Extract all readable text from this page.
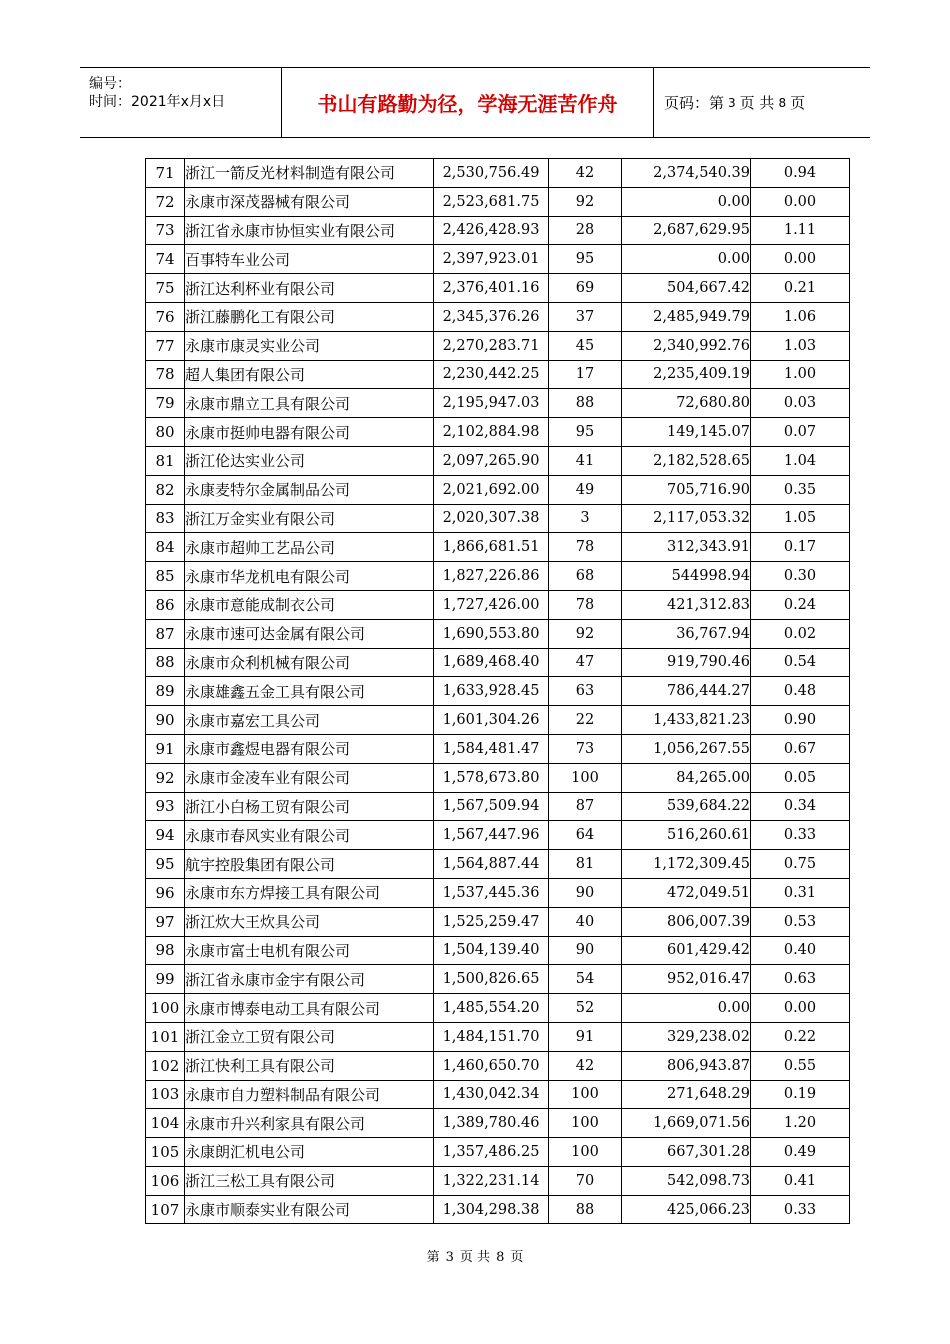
编号：
时间：2021年x月x日	书山有路勤为径，学海无涯苦作舟	页码：第 3 页 共 8 页
71	浙江一箭反光材料制造有限公司	2,530,756.49	42	2,374,540.39	0.94
72	永康市深茂器械有限公司	2,523,681.75	92	0.00	0.00
73	浙江省永康市协恒实业有限公司	2,426,428.93	28	2,687,629.95	1.11
74	百事特车业公司	2,397,923.01	95	0.00	0.00
75	浙江达利杯业有限公司	2,376,401.16	69	504,667.42	0.21
76	浙江藤鹏化工有限公司	2,345,376.26	37	2,485,949.79	1.06
77	永康市康灵实业公司	2,270,283.71	45	2,340,992.76	1.03
78	超人集团有限公司	2,230,442.25	17	2,235,409.19	1.00
79	永康市鼎立工具有限公司	2,195,947.03	88	72,680.80	0.03
80	永康市挺帅电器有限公司	2,102,884.98	95	149,145.07	0.07
81	浙江伦达实业公司	2,097,265.90	41	2,182,528.65	1.04
82	永康麦特尔金属制品公司	2,021,692.00	49	705,716.90	0.35
83	浙江万金实业有限公司	2,020,307.38	3	2,117,053.32	1.05
84	永康市超帅工艺品公司	1,866,681.51	78	312,343.91	0.17
85	永康市华龙机电有限公司	1,827,226.86	68	544998.94	0.30
86	永康市意能成制衣公司	1,727,426.00	78	421,312.83	0.24
87	永康市速可达金属有限公司	1,690,553.80	92	36,767.94	0.02
88	永康市众利机械有限公司	1,689,468.40	47	919,790.46	0.54
89	永康雄鑫五金工具有限公司	1,633,928.45	63	786,444.27	0.48
90	永康市嘉宏工具公司	1,601,304.26	22	1,433,821.23	0.90
91	永康市鑫煜电器有限公司	1,584,481.47	73	1,056,267.55	0.67
92	永康市金凌车业有限公司	1,578,673.80	100	84,265.00	0.05
93	浙江小白杨工贸有限公司	1,567,509.94	87	539,684.22	0.34
94	永康市春风实业有限公司	1,567,447.96	64	516,260.61	0.33
95	航宇控股集团有限公司	1,564,887.44	81	1,172,309.45	0.75
96	永康市东方焊接工具有限公司	1,537,445.36	90	472,049.51	0.31
97	浙江炊大王炊具公司	1,525,259.47	40	806,007.39	0.53
98	永康市富士电机有限公司	1,504,139.40	90	601,429.42	0.40
99	浙江省永康市金宇有限公司	1,500,826.65	54	952,016.47	0.63
100	永康市博泰电动工具有限公司	1,485,554.20	52	0.00	0.00
101	浙江金立工贸有限公司	1,484,151.70	91	329,238.02	0.22
102	浙江快利工具有限公司	1,460,650.70	42	806,943.87	0.55
103	永康市自力塑料制品有限公司	1,430,042.34	100	271,648.29	0.19
104	永康市升兴利家具有限公司	1,389,780.46	100	1,669,071.56	1.20
105	永康朗汇机电公司	1,357,486.25	100	667,301.28	0.49
106	浙江三松工具有限公司	1,322,231.14	70	542,098.73	0.41
107	永康市顺泰实业有限公司	1,304,298.38	88	425,066.23	0.33
第 3 页 共 8 页
